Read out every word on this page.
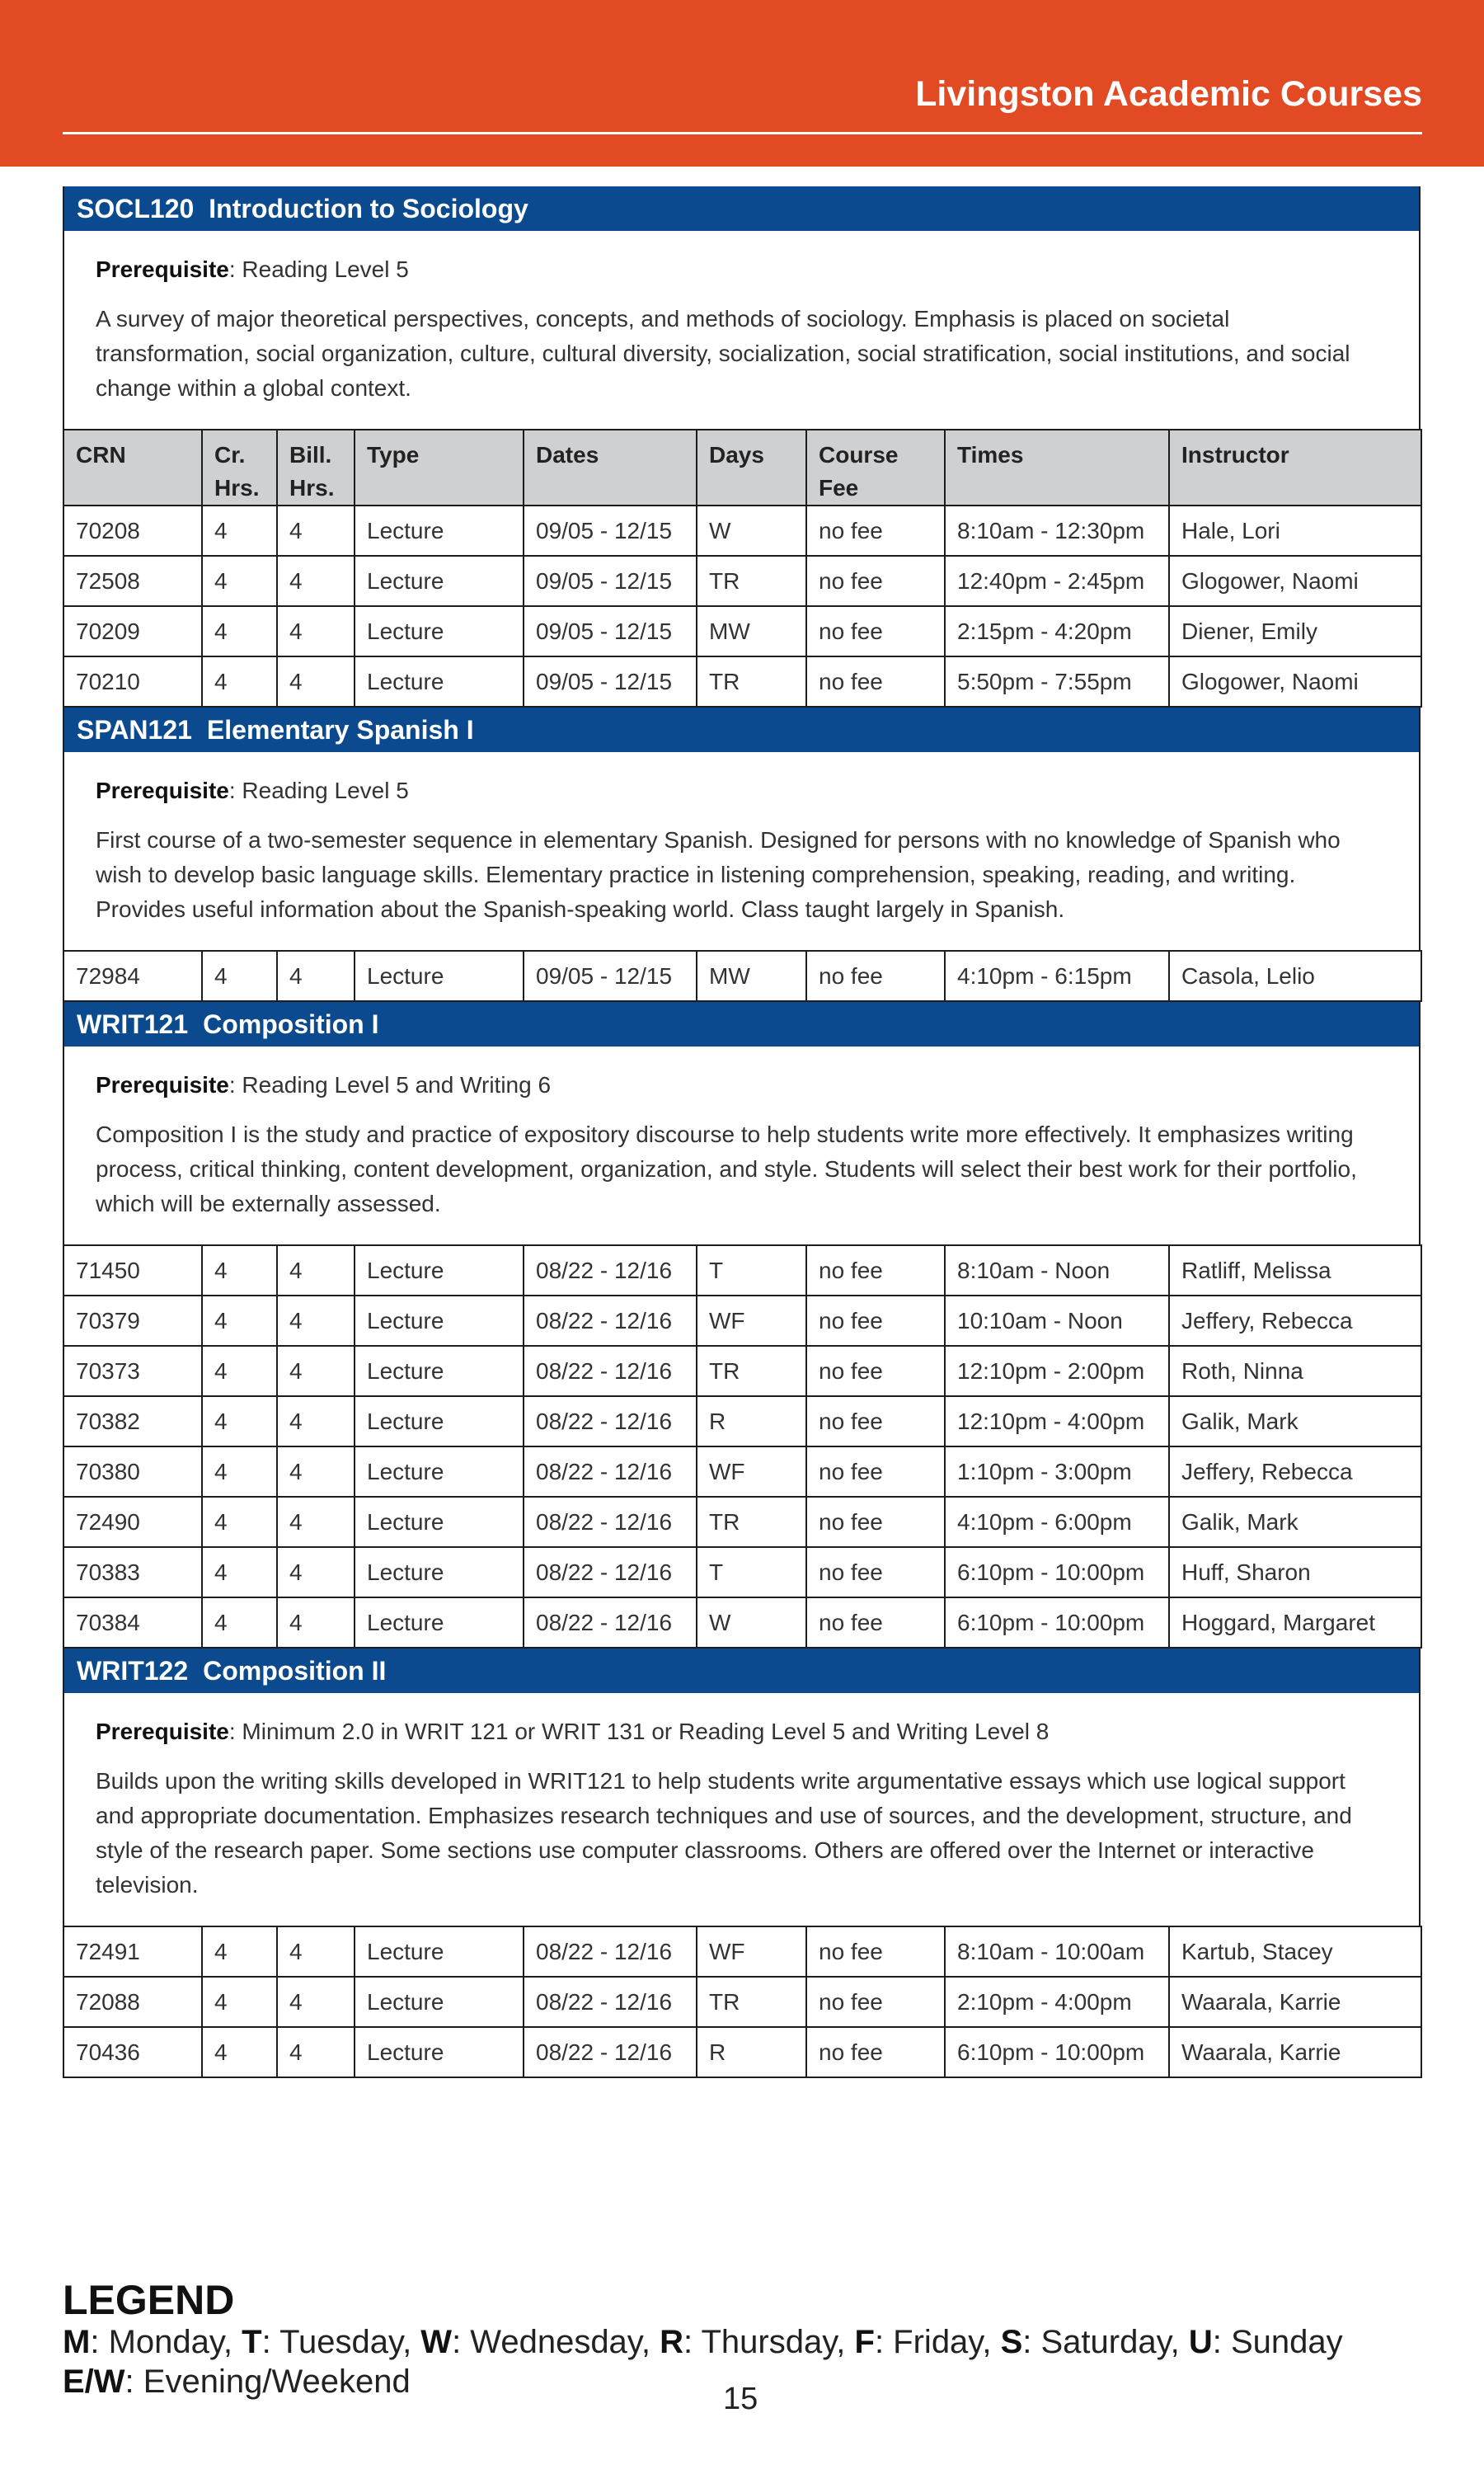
Livingston Academic Courses
SOCL120 Introduction to Sociology
Prerequisite: Reading Level 5

A survey of major theoretical perspectives, concepts, and methods of sociology. Emphasis is placed on societal transformation, social organization, culture, cultural diversity, socialization, social stratification, social institutions, and social change within a global context.

CRN	Cr. Hrs.	Bill. Hrs.	Type	Dates	Days	Course Fee	Times	Instructor
70208	4	4	Lecture	09/05 - 12/15	W	no fee	8:10am - 12:30pm	Hale, Lori
72508	4	4	Lecture	09/05 - 12/15	TR	no fee	12:40pm - 2:45pm	Glogower, Naomi
70209	4	4	Lecture	09/05 - 12/15	MW	no fee	2:15pm - 4:20pm	Diener, Emily
70210	4	4	Lecture	09/05 - 12/15	TR	no fee	5:50pm - 7:55pm	Glogower, Naomi
SPAN121 Elementary Spanish I
Prerequisite: Reading Level 5

First course of a two-semester sequence in elementary Spanish. Designed for persons with no knowledge of Spanish who wish to develop basic language skills. Elementary practice in listening comprehension, speaking, reading, and writing. Provides useful information about the Spanish-speaking world. Class taught largely in Spanish.

72984	4	4	Lecture	09/05 - 12/15	MW	no fee	4:10pm - 6:15pm	Casola, Lelio
WRIT121 Composition I
Prerequisite: Reading Level 5 and Writing 6

Composition I is the study and practice of expository discourse to help students write more effectively. It emphasizes writing process, critical thinking, content development, organization, and style. Students will select their best work for their portfolio, which will be externally assessed.

71450	4	4	Lecture	08/22 - 12/16	T	no fee	8:10am - Noon	Ratliff, Melissa
70379	4	4	Lecture	08/22 - 12/16	WF	no fee	10:10am - Noon	Jeffery, Rebecca
70373	4	4	Lecture	08/22 - 12/16	TR	no fee	12:10pm - 2:00pm	Roth, Ninna
70382	4	4	Lecture	08/22 - 12/16	R	no fee	12:10pm - 4:00pm	Galik, Mark
70380	4	4	Lecture	08/22 - 12/16	WF	no fee	1:10pm - 3:00pm	Jeffery, Rebecca
72490	4	4	Lecture	08/22 - 12/16	TR	no fee	4:10pm - 6:00pm	Galik, Mark
70383	4	4	Lecture	08/22 - 12/16	T	no fee	6:10pm - 10:00pm	Huff, Sharon
70384	4	4	Lecture	08/22 - 12/16	W	no fee	6:10pm - 10:00pm	Hoggard, Margaret
WRIT122 Composition II
Prerequisite: Minimum 2.0 in WRIT 121 or WRIT 131 or Reading Level 5 and Writing Level 8

Builds upon the writing skills developed in WRIT121 to help students write argumentative essays which use logical support and appropriate documentation. Emphasizes research techniques and use of sources, and the development, structure, and style of the research paper. Some sections use computer classrooms. Others are offered over the Internet or interactive television.

72491	4	4	Lecture	08/22 - 12/16	WF	no fee	8:10am - 10:00am	Kartub, Stacey
72088	4	4	Lecture	08/22 - 12/16	TR	no fee	2:10pm - 4:00pm	Waarala, Karrie
70436	4	4	Lecture	08/22 - 12/16	R	no fee	6:10pm - 10:00pm	Waarala, Karrie
LEGEND
M: Monday, T: Tuesday, W: Wednesday, R: Thursday, F: Friday, S: Saturday, U: Sunday
E/W: Evening/Weekend	15
